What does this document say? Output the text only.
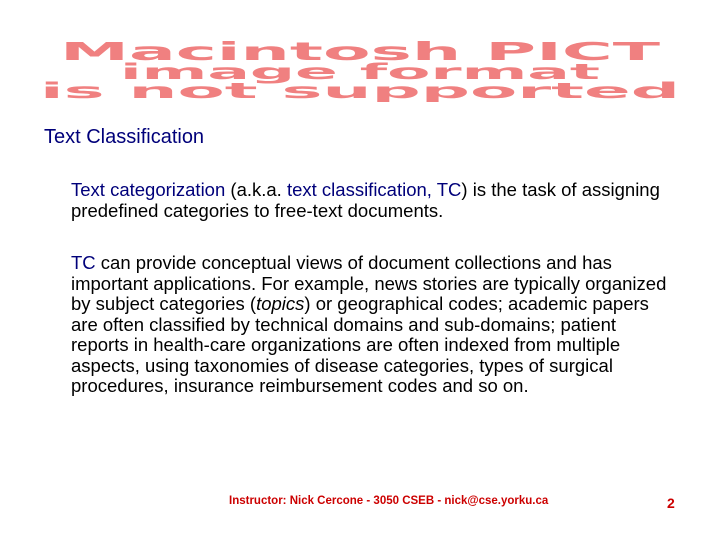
Macintosh PICT
image format
is not supported
Text Classification
Text categorization (a.k.a. text classification, TC) is the task of assigning predefined categories to free-text documents.
TC can provide conceptual views of document collections and has important applications. For example, news stories are typically organized by subject categories (topics) or geographical codes; academic papers are often classified by technical domains and sub-domains; patient reports in health-care organizations are often indexed from multiple aspects, using taxonomies of disease categories, types of surgical procedures, insurance reimbursement codes and so on.
Instructor: Nick Cercone - 3050 CSEB - nick@cse.yorku.ca	2
